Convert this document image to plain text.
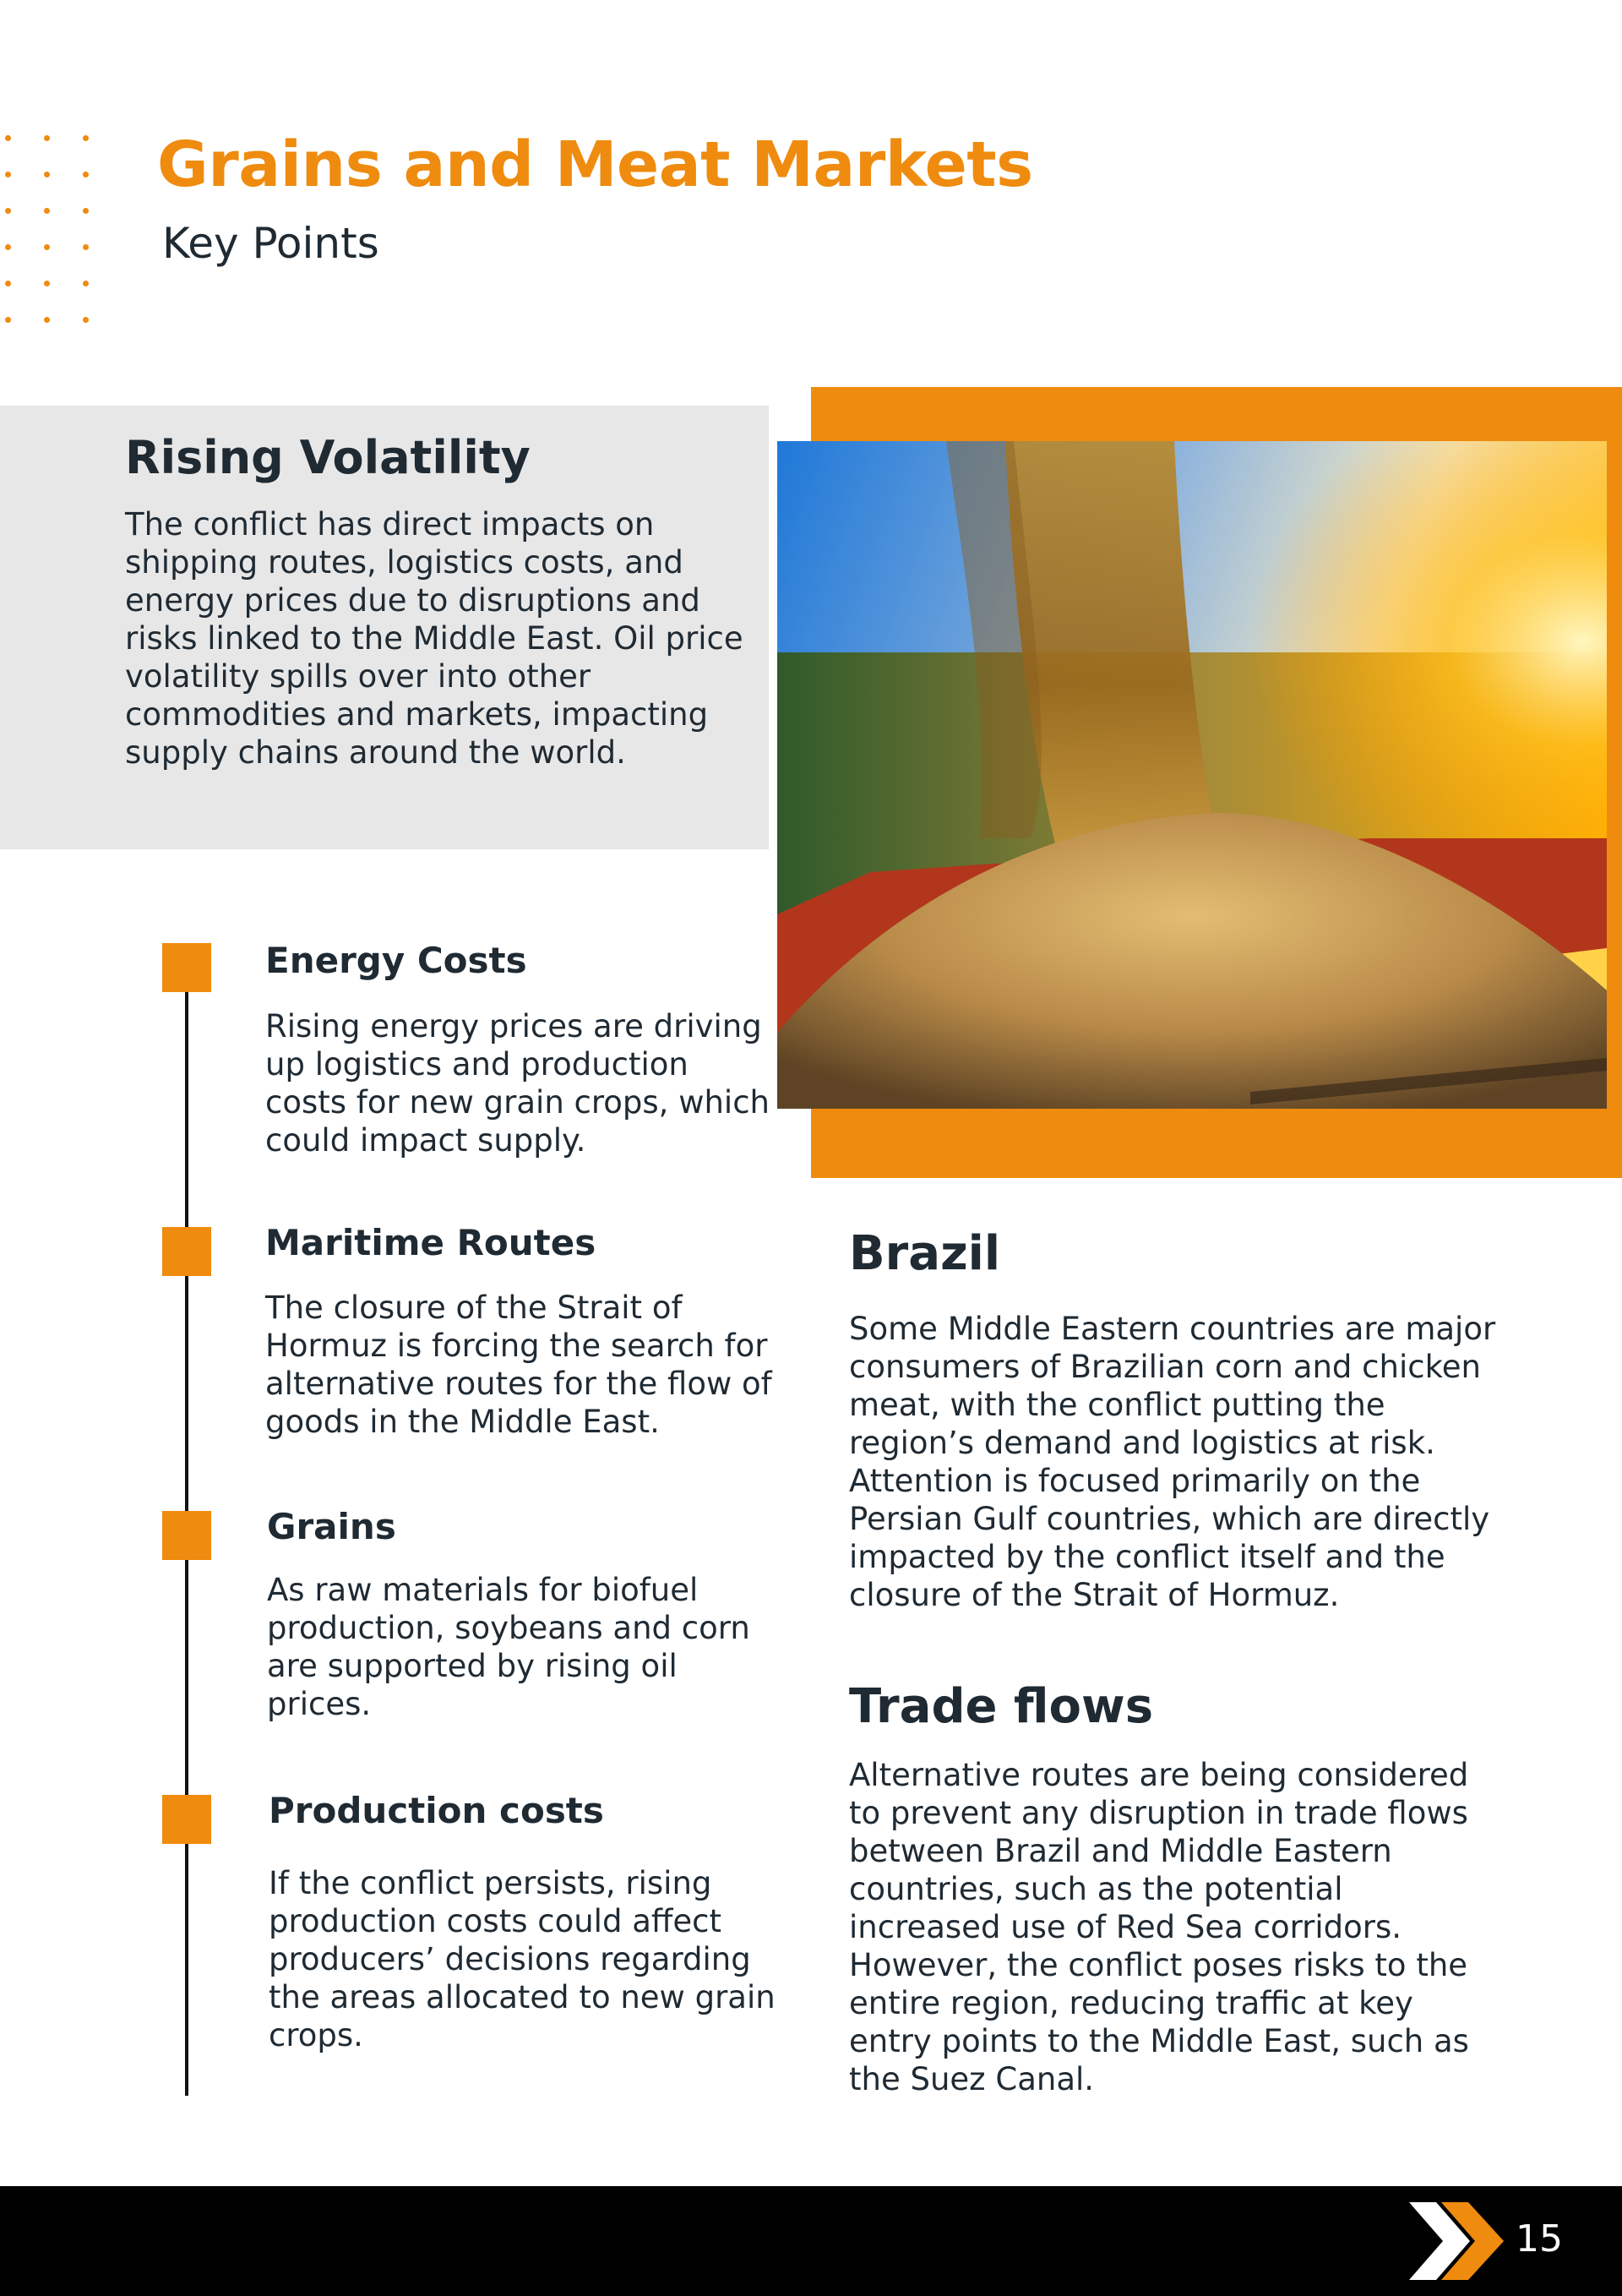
Grains and Meat Markets

Key Points

Rising Volatility

The conflict has direct impacts on shipping routes, logistics costs, and energy prices due to disruptions and risks linked to the Middle East. Oil price volatility spills over into other commodities and markets, impacting supply chains around the world.

Energy Costs

Rising energy prices are driving up logistics and production costs for new grain crops, which could impact supply.

Maritime Routes

The closure of the Strait of Hormuz is forcing the search for alternative routes for the flow of goods in the Middle East.

Grains

As raw materials for biofuel production, soybeans and corn are supported by rising oil prices.

Production costs

If the conflict persists, rising production costs could affect producers’ decisions regarding the areas allocated to new grain crops.

Brazil

Some Middle Eastern countries are major consumers of Brazilian corn and chicken meat, with the conflict putting the region’s demand and logistics at risk. Attention is focused primarily on the Persian Gulf countries, which are directly impacted by the conflict itself and the closure of the Strait of Hormuz.

Trade flows

Alternative routes are being considered to prevent any disruption in trade flows between Brazil and Middle Eastern countries, such as the potential increased use of Red Sea corridors. However, the conflict poses risks to the entire region, reducing traffic at key entry points to the Middle East, such as the Suez Canal.

15
